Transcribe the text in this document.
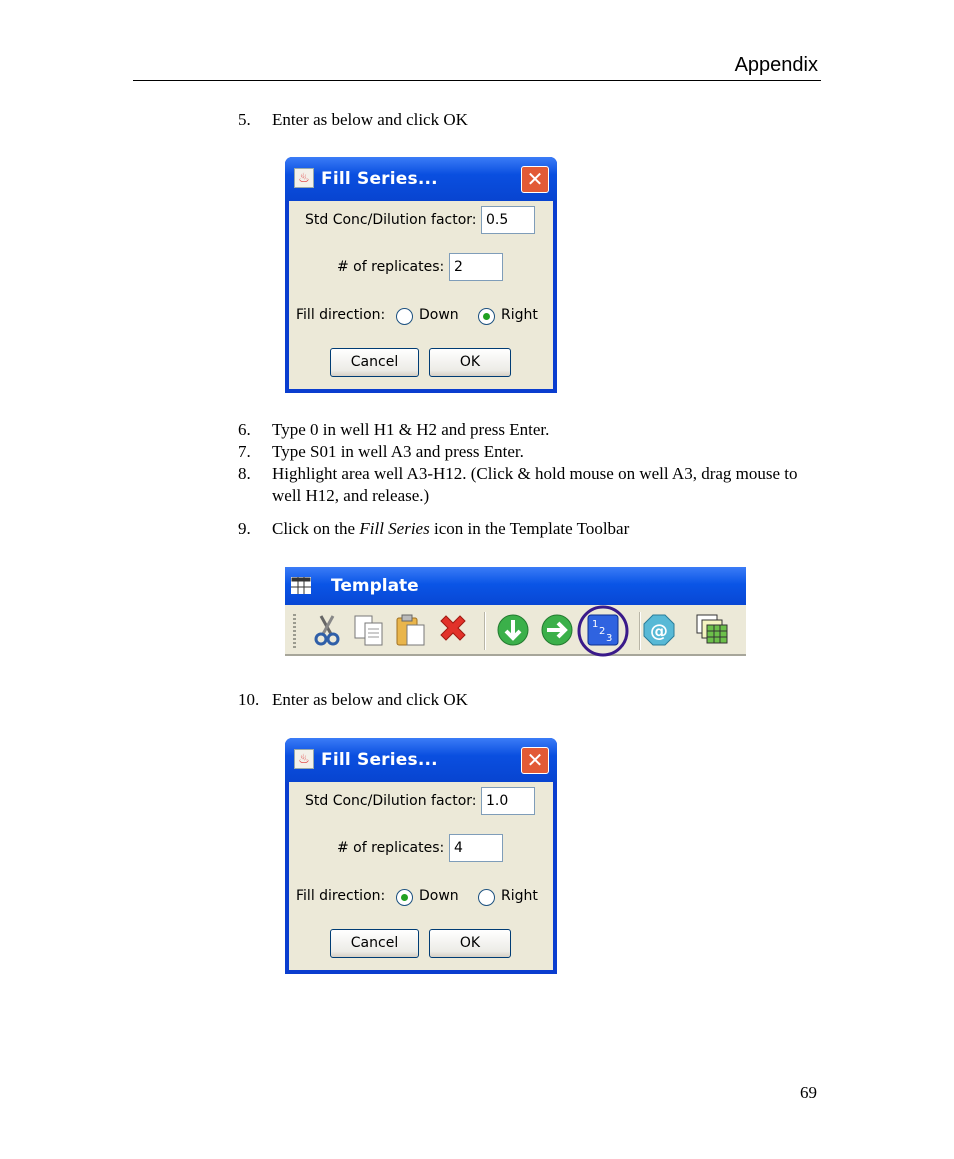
Appendix
5. Enter as below and click OK
♨ Fill Series...	✕
Std Conc/Dilution factor: 0.5
# of replicates: 2
Fill direction: Down	Right
Cancel	OK
6. Type 0 in well H1 & H2 and press Enter.
7. Type S01 in well A3 and press Enter.
8. Highlight area well A3-H12. (Click & hold mouse on well A3, drag mouse to well H12, and release.)
9. Click on the Fill Series icon in the Template Toolbar
Template
1
2
3 @
10. Enter as below and click OK
♨ Fill Series...	✕
Std Conc/Dilution factor: 1.0
# of replicates: 4
Fill direction: Down	Right
Cancel	OK
69
